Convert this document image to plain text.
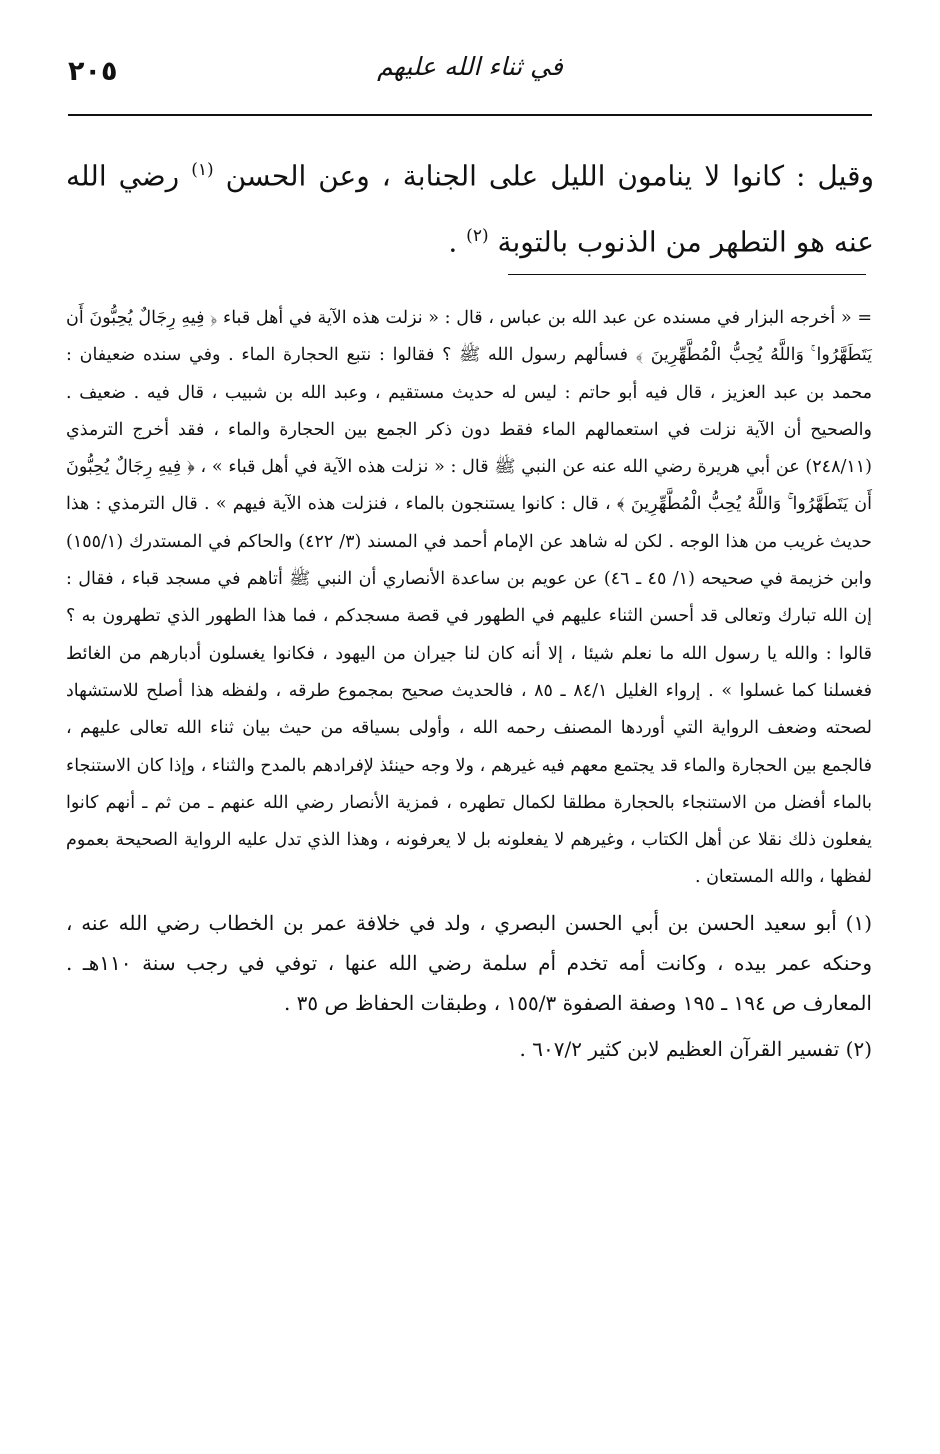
٢٠٥	في ثناء الله عليهم
وقيل : كانوا لا ينامون الليل على الجنابة ، وعن الحسن $^{(١)}$ رضي الله عنه هو التطهر من الذنوب بالتوبة $^{(٢)}$ .

= « أخرجه البزار في مسنده عن عبد الله بن عباس ، قال : « نزلت هذه الآية في أهل قباء ﴿ فِيهِ رِجَالٌ يُحِبُّونَ أَن يَتَطَهَّرُوا ۚ وَاللَّهُ يُحِبُّ الْمُطَّهِّرِينَ ﴾ فسألهم رسول الله ﷺ ؟ فقالوا : نتبع الحجارة الماء . وفي سنده ضعيفان : محمد بن عبد العزيز ، قال فيه أبو حاتم : ليس له حديث مستقيم ، وعبد الله بن شبيب ، قال فيه . ضعيف . والصحيح أن الآية نزلت في استعمالهم الماء فقط دون ذكر الجمع بين الحجارة والماء ، فقد أخرج الترمذي (٢٤٨/١١) عن أبي هريرة رضي الله عنه عن النبي ﷺ قال : « نزلت هذه الآية في أهل قباء » ، ﴿ فِيهِ رِجَالٌ يُحِبُّونَ أَن يَتَطَهَّرُوا ۚ وَاللَّهُ يُحِبُّ الْمُطَّهِّرِينَ ﴾ ، قال : كانوا يستنجون بالماء ، فنزلت هذه الآية فيهم » . قال الترمذي : هذا حديث غريب من هذا الوجه . لكن له شاهد عن الإمام أحمد في المسند (٣/ ٤٢٢) والحاكم في المستدرك (١٥٥/١) وابن خزيمة في صحيحه (١/ ٤٥ ـ ٤٦) عن عويم بن ساعدة الأنصاري أن النبي ﷺ أتاهم في مسجد قباء ، فقال : إن الله تبارك وتعالى قد أحسن الثناء عليهم في الطهور في قصة مسجدكم ، فما هذا الطهور الذي تطهرون به ؟ قالوا : والله يا رسول الله ما نعلم شيئا ، إلا أنه كان لنا جيران من اليهود ، فكانوا يغسلون أدبارهم من الغائط فغسلنا كما غسلوا » . إرواء الغليل ٨٤/١ ـ ٨٥ ، فالحديث صحيح بمجموع طرقه ، ولفظه هذا أصلح للاستشهاد لصحته وضعف الرواية التي أوردها المصنف رحمه الله ، وأولى بسياقه من حيث بيان ثناء الله تعالى عليهم ، فالجمع بين الحجارة والماء قد يجتمع معهم فيه غيرهم ، ولا وجه حينئذ لإفرادهم بالمدح والثناء ، وإذا كان الاستنجاء بالماء أفضل من الاستنجاء بالحجارة مطلقا لكمال تطهره ، فمزية الأنصار رضي الله عنهم ـ من ثم ـ أنهم كانوا يفعلون ذلك نقلا عن أهل الكتاب ، وغيرهم لا يفعلونه بل لا يعرفونه ، وهذا الذي تدل عليه الرواية الصحيحة بعموم لفظها ، والله المستعان .

(١) أبو سعيد الحسن بن أبي الحسن البصري ، ولد في خلافة عمر بن الخطاب رضي الله عنه ، وحنكه عمر بيده ، وكانت أمه تخدم أم سلمة رضي الله عنها ، توفي في رجب سنة ١١٠هـ . المعارف ص ١٩٤ ـ ١٩٥ وصفة الصفوة ١٥٥/٣ ، وطبقات الحفاظ ص ٣٥ .

(٢) تفسير القرآن العظيم لابن كثير ٦٠٧/٢ .
